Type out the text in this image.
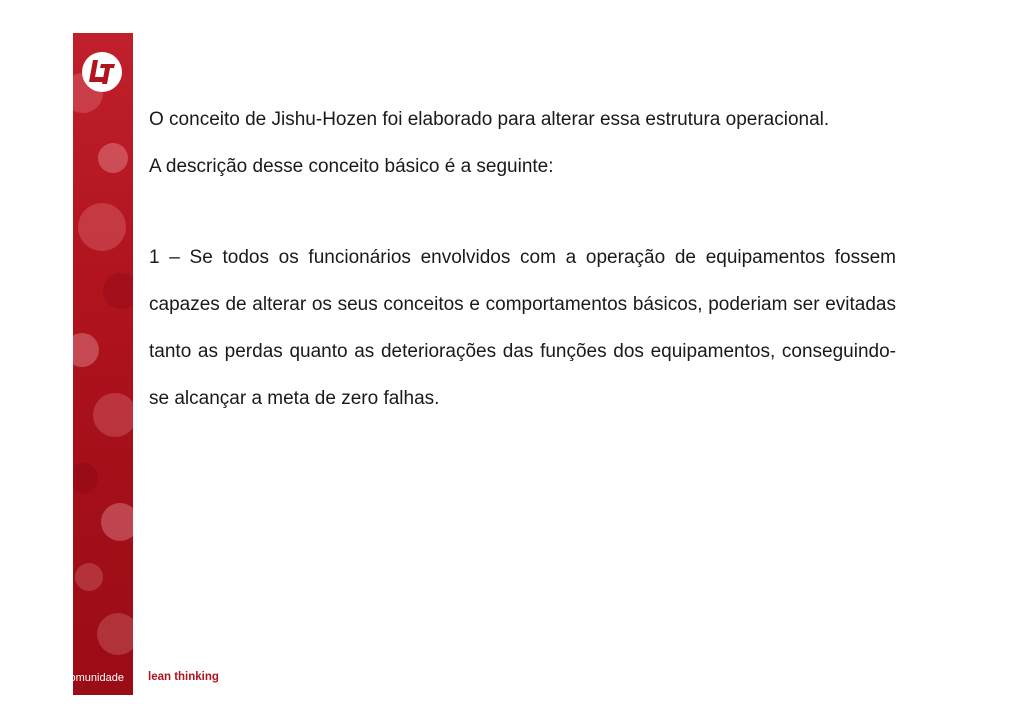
O conceito de Jishu-Hozen foi elaborado para alterar essa estrutura operacional.

A descrição desse conceito básico é a seguinte:

1 – Se todos os funcionários envolvidos com a operação de equipamentos fossem capazes de alterar os seus conceitos e comportamentos básicos, poderiam ser evitadas tanto as perdas quanto as deteriorações das funções dos equipamentos, conseguindo-se alcançar a meta de zero falhas.

comunidade	lean thinking
